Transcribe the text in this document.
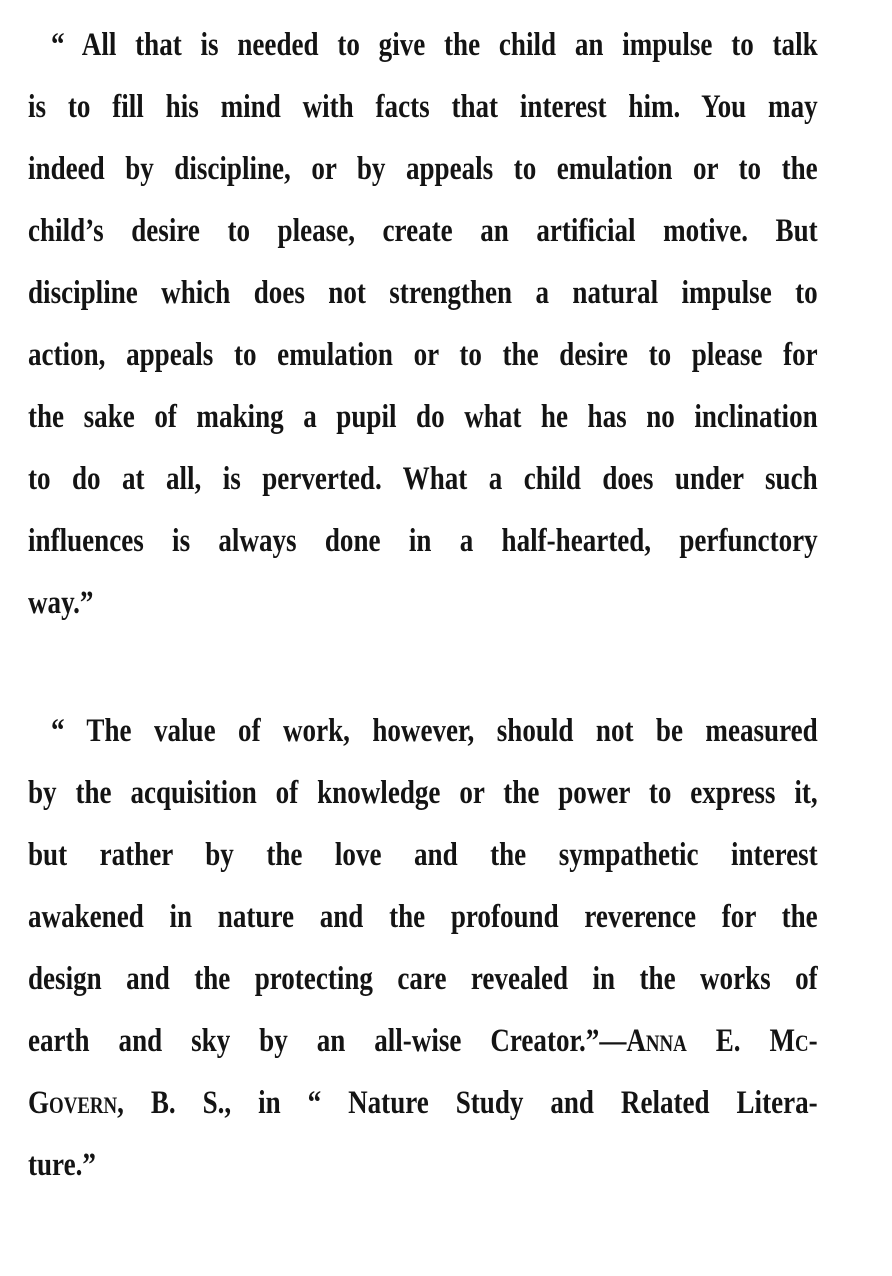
“ All that is needed to give the child an impulse to talk
is to fill his mind with facts that interest him. You may
indeed by discipline, or by appeals to emulation or to the
child’s desire to please, create an artificial motive. But
discipline which does not strengthen a natural impulse to
action, appeals to emulation or to the desire to please for
the sake of making a pupil do what he has no inclination
to do at all, is perverted. What a child does under such
influences is always done in a half-hearted, perfunctory
way.”
“ The value of work, however, should not be measured
by the acquisition of knowledge or the power to express it,
but rather by the love and the sympathetic interest
awakened in nature and the profound reverence for the
design and the protecting care revealed in the works of
earth and sky by an all-wise Creator.”—Anna E. Mc-
Govern, B. S., in “ Nature Study and Related Litera-
ture.”
